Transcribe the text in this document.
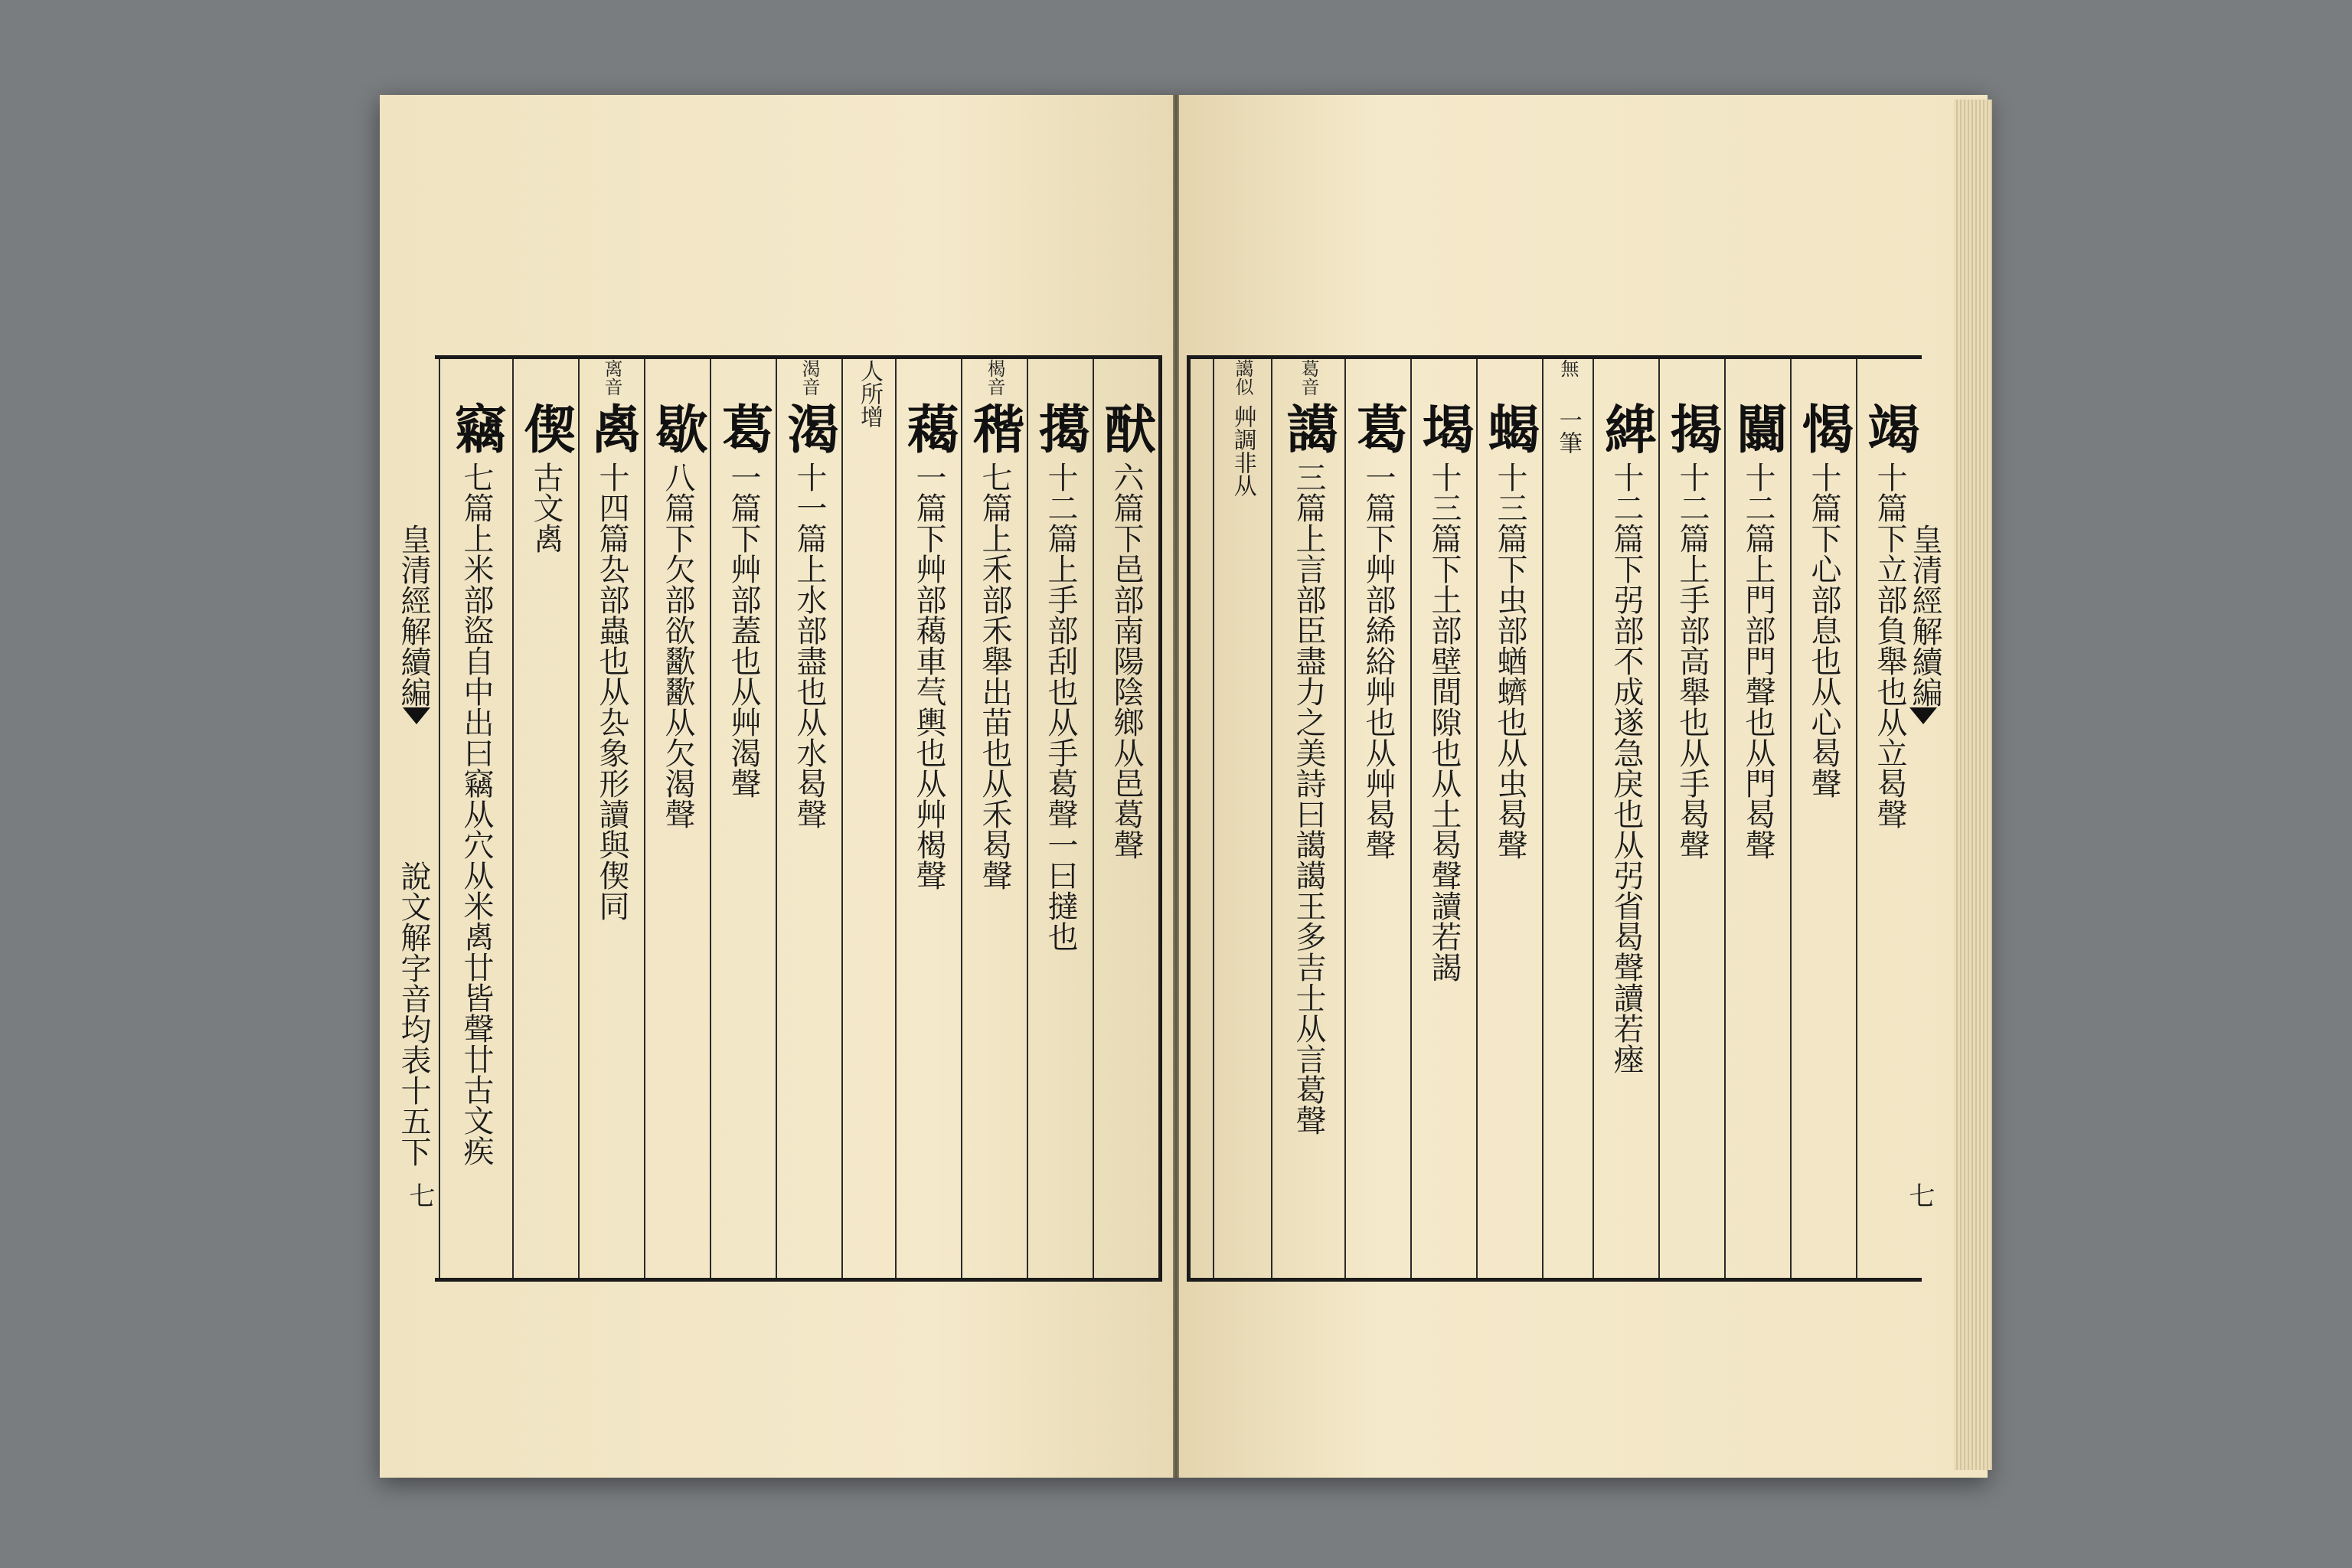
皇清經解續編
說文解字音均表十五下
七
䣭
六篇下邑部南陽陰鄉从邑葛聲
擖
十二篇上手部刮也从手葛聲一曰撻也
楬音
稭
七篇上禾部禾舉出苗也从禾曷聲
藒
一篇下艸部藒車芞輿也从艸楬聲
人所增
渴音
渴
十一篇上水部盡也从水曷聲
葛
一篇下艸部蓋也从艸渴聲
歇
八篇下欠部欲歠歠从欠渴聲
离音
禼
十四篇厹部蟲也从厹象形讀與偰同
偰
古文禼
竊
七篇上米部盜自中出曰竊从穴从米禼廿皆聲廿古文疾	皇清經解續編
七
竭
十篇下立部負舉也从立曷聲
愒
十篇下心部息也从心曷聲
闒
十二篇上門部門聲也从門曷聲
揭
十二篇上手部高舉也从手曷聲
綼
十二篇下弜部不成遂急戾也从弜省曷聲讀若瘞
無
一筆
蝎
十三篇下虫部蝤蠐也从虫曷聲
堨
十三篇下土部壁間隙也从土曷聲讀若謁
葛
一篇下艸部絺綌艸也从艸曷聲
葛音
譪
三篇上言部臣盡力之美詩曰譪譪王多吉士从言葛聲
譪似
艸調非从
